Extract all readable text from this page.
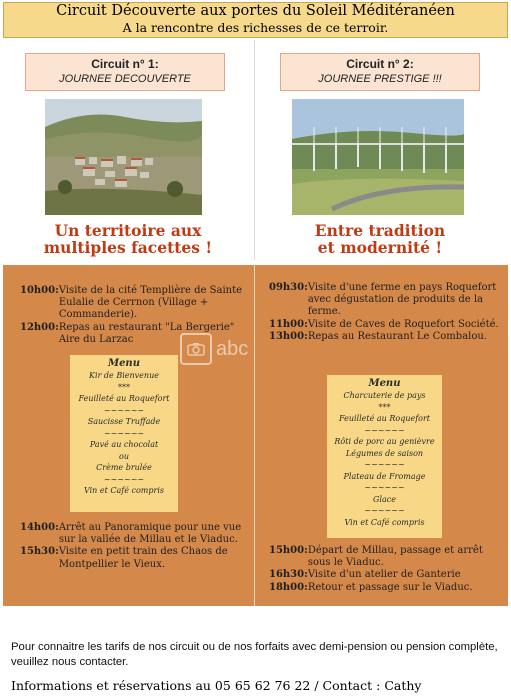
Circuit Découverte aux portes du Soleil Méditéranéen
A la rencontre des richesses de ce terroir.
Circuit n° 1:
JOURNEE DECOUVERTE
Circuit n° 2:
JOURNEE PRESTIGE !!!
Un territoire aux
multiples facettes !
Entre tradition
et modernité !
10h00 : Visite de la cité Templière de Sainte Eulalie de Cerrnon (Village + Commanderie).
12h00 : Repas au restaurant "La Bergerie" Aire du Larzac
Menu
Kir de Bienvenue
***
Feuilleté au Roquefort
~~~~~~
Saucisse Truffade
~~~~~~
Pavé au chocolat
ou
Crème brulée
~~~~~~
Vin et Café compris
14h00 : Arrêt au Panoramique pour une vue sur la vallée de Millau et le Viaduc.
15h30 : Visite en petit train des Chaos de Montpellier le Vieux.
09h30 : Visite d'une ferme en pays Roquefort avec dégustation de produits de la ferme.
11h00 : Visite de Caves de Roquefort Société.
13h00 : Repas au Restaurant Le Combalou.
Menu
Charcuterie de pays
***
Feuilleté au Roquefort
~~~~~~
Rôti de porc au genièvre
Légumes de saison
~~~~~~
Plateau de Fromage
~~~~~~
Glace
~~~~~~
Vin et Café compris
15h00 : Départ de Millau, passage et arrêt sous le Viaduc.
16h30 : Visite d'un atelier de Ganterie
18h00 : Retour et passage sur le Viaduc.
abc
Pour connaitre les tarifs de nos circuit ou de nos forfaits avec demi-pension ou pension complète, veuillez nous contacter.
Informations et réservations au 05 65 62 76 22 / Contact : Cathy
